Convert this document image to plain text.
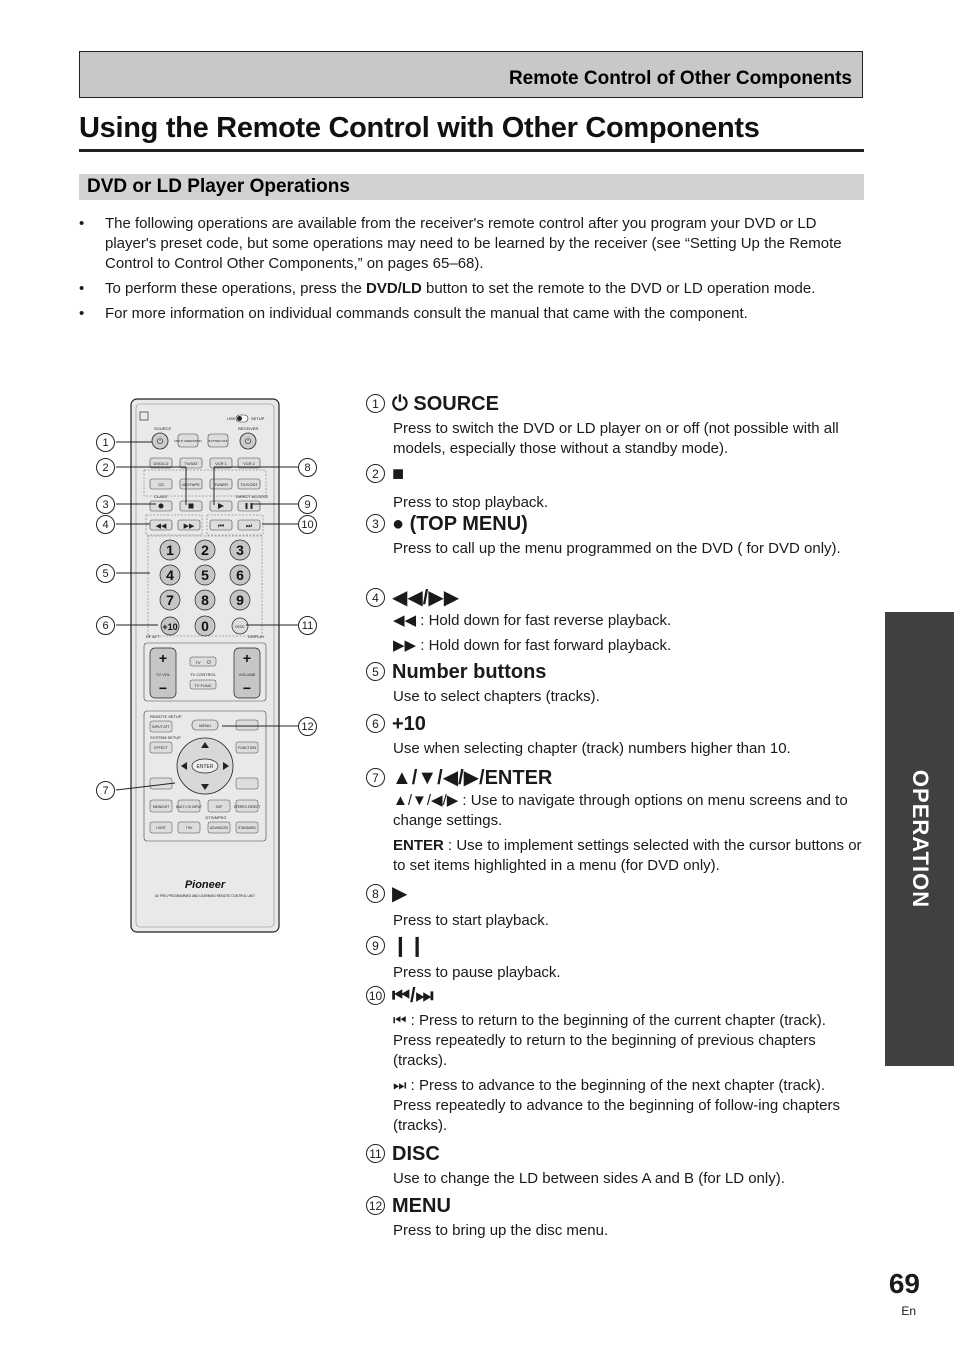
Remote Control of Other Components
Using the Remote Control with Other Components
DVD or LD Player Operations
• The following operations are available from the receiver's remote control after you program your DVD or LD player's preset code, but some operations may need to be learned by the receiver (see “Setting Up the Remote Control to Control Other Components,” on pages 65–68).
• To perform these operations, press the DVD/LD button to set the remote to the DVD or LD operation mode.
• For more information on individual commands consult the manual that came with the component.
USE	SETUP
SOURCE	RECEIVER
⏻	MULTI OPERATION SYSTEM OFF ⏻
DVD/LD	TV/SAT	VCR 1	VCR 2
CD	MD/TAPE	TUNER	TV/CONT
CLASS	DIRECT ACCESS
◀◀ ▶▶	⏮	⏭
1 2 3
4 5 6
7 8 9
0
+10	DISC
RF ATT	DISPLAY
+
−
TV VOL
+
−
VOLUME
TV ⏻
TV CONTROL
TV FUNC
REMOTE SETUP
INPUT ATT	MENU
SYSTEM SETUP
EFFECT	FUNCTION
ENTER
MIDNIGHT MULTI CH INPUT	DSP	STEREO DIRECT
DTS/MPEG
LIGHT	THX	ADVANCED	STANDARD
Pioneer
AV PRE-PROGRAMMED AND LEARNING REMOTE CONTROL UNIT
1
2
3
4
5
6
7
8
9
10
11
12
1 ⏻ SOURCE

Press to switch the DVD or LD player on or off (not possible with all models, especially those without a standby mode).

2 ■

Press to stop playback.

3 ● (TOP MENU)

Press to call up the menu programmed on the DVD ( for DVD only).

4 ◀◀/▶▶

◀◀ : Hold down for fast reverse playback.

▶▶ : Hold down for fast forward playback.

5 Number buttons

Use to select chapters (tracks).

6 +10

Use when selecting chapter (track) numbers higher than 10.

7 ▲/▼/◀/▶/ENTER

▲/▼/◀/▶ : Use to navigate through options on menu screens and to change settings.

ENTER : Use to implement settings selected with the cursor buttons or to set items highlighted in a menu (for DVD only).

8 ▶

Press to start playback.

9 ❙❙

Press to pause playback.

10 ⏮/⏭

⏮ : Press to return to the beginning of the current chapter (track). Press repeatedly to return to the beginning of previous chapters (tracks).

⏭ : Press to advance to the beginning of the next chapter (track). Press repeatedly to advance to the beginning of follow-ing chapters (tracks).

11 DISC

Use to change the LD between sides A and B (for LD only).

12 MENU

Press to bring up the disc menu.

OPERATION
69
En
